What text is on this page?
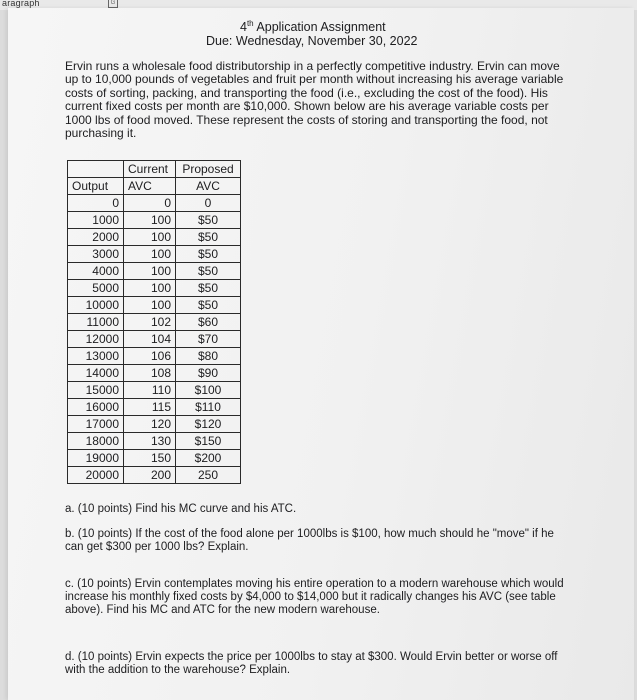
aragraph	G
4th Application Assignment
Due: Wednesday, November 30, 2022
Ervin runs a wholesale food distributorship in a perfectly competitive industry. Ervin can move up to 10,000 pounds of vegetables and fruit per month without increasing his average variable costs of sorting, packing, and transporting the food (i.e., excluding the cost of the food). His current fixed costs per month are $10,000. Shown below are his average variable costs per 1000 lbs of food moved. These represent the costs of storing and transporting the food, not purchasing it.
	Current	Proposed
Output	AVC	AVC
0	0	0
1000	100	$50
2000	100	$50
3000	100	$50
4000	100	$50
5000	100	$50
10000	100	$50
11000	102	$60
12000	104	$70
13000	106	$80
14000	108	$90
15000	110	$100
16000	115	$110
17000	120	$120
18000	130	$150
19000	150	$200
20000	200	250
a. (10 points) Find his MC curve and his ATC.
b. (10 points) If the cost of the food alone per 1000lbs is $100, how much should he "move" if he can get $300 per 1000 lbs? Explain.
c. (10 points) Ervin contemplates moving his entire operation to a modern warehouse which would increase his monthly fixed costs by $4,000 to $14,000 but it radically changes his AVC (see table above). Find his MC and ATC for the new modern warehouse.
d. (10 points) Ervin expects the price per 1000lbs to stay at $300. Would Ervin better or worse off with the addition to the warehouse? Explain.
